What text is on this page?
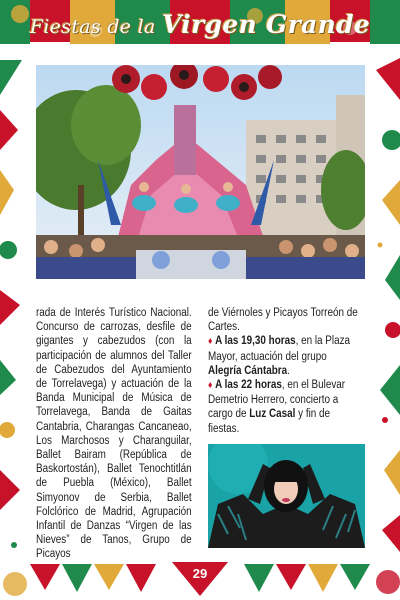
Fiestas de la Virgen Grande

rada de Interés Turístico Nacional. Concurso de carrozas, desfile de gigantes y cabezudos (con la participación de alumnos del Taller de Cabezudos del Ayuntamiento de Torrelavega) y actuación de la Banda Municipal de Música de Torrelavega, Banda de Gaitas Cantabria, Charangas Cancaneao, Los Marchosos y Charanguilar, Ballet Bairam (República de Baskortostán), Ballet Tenochtitlán de Puebla (México), Ballet Simyonov de Serbia, Ballet Folclórico de Madrid, Agrupación Infantil de Danzas “Virgen de las Nieves” de Tanos, Grupo de Picayos

de Viérnoles y Picayos Torreón de Cartes.

♦ A las 19,30 horas, en la Plaza Mayor, actuación del grupo Alegría Cántabra.

♦ A las 22 horas, en el Bulevar Demetrio Herrero, concierto a cargo de Luz Casal y fin de fiestas.

29
